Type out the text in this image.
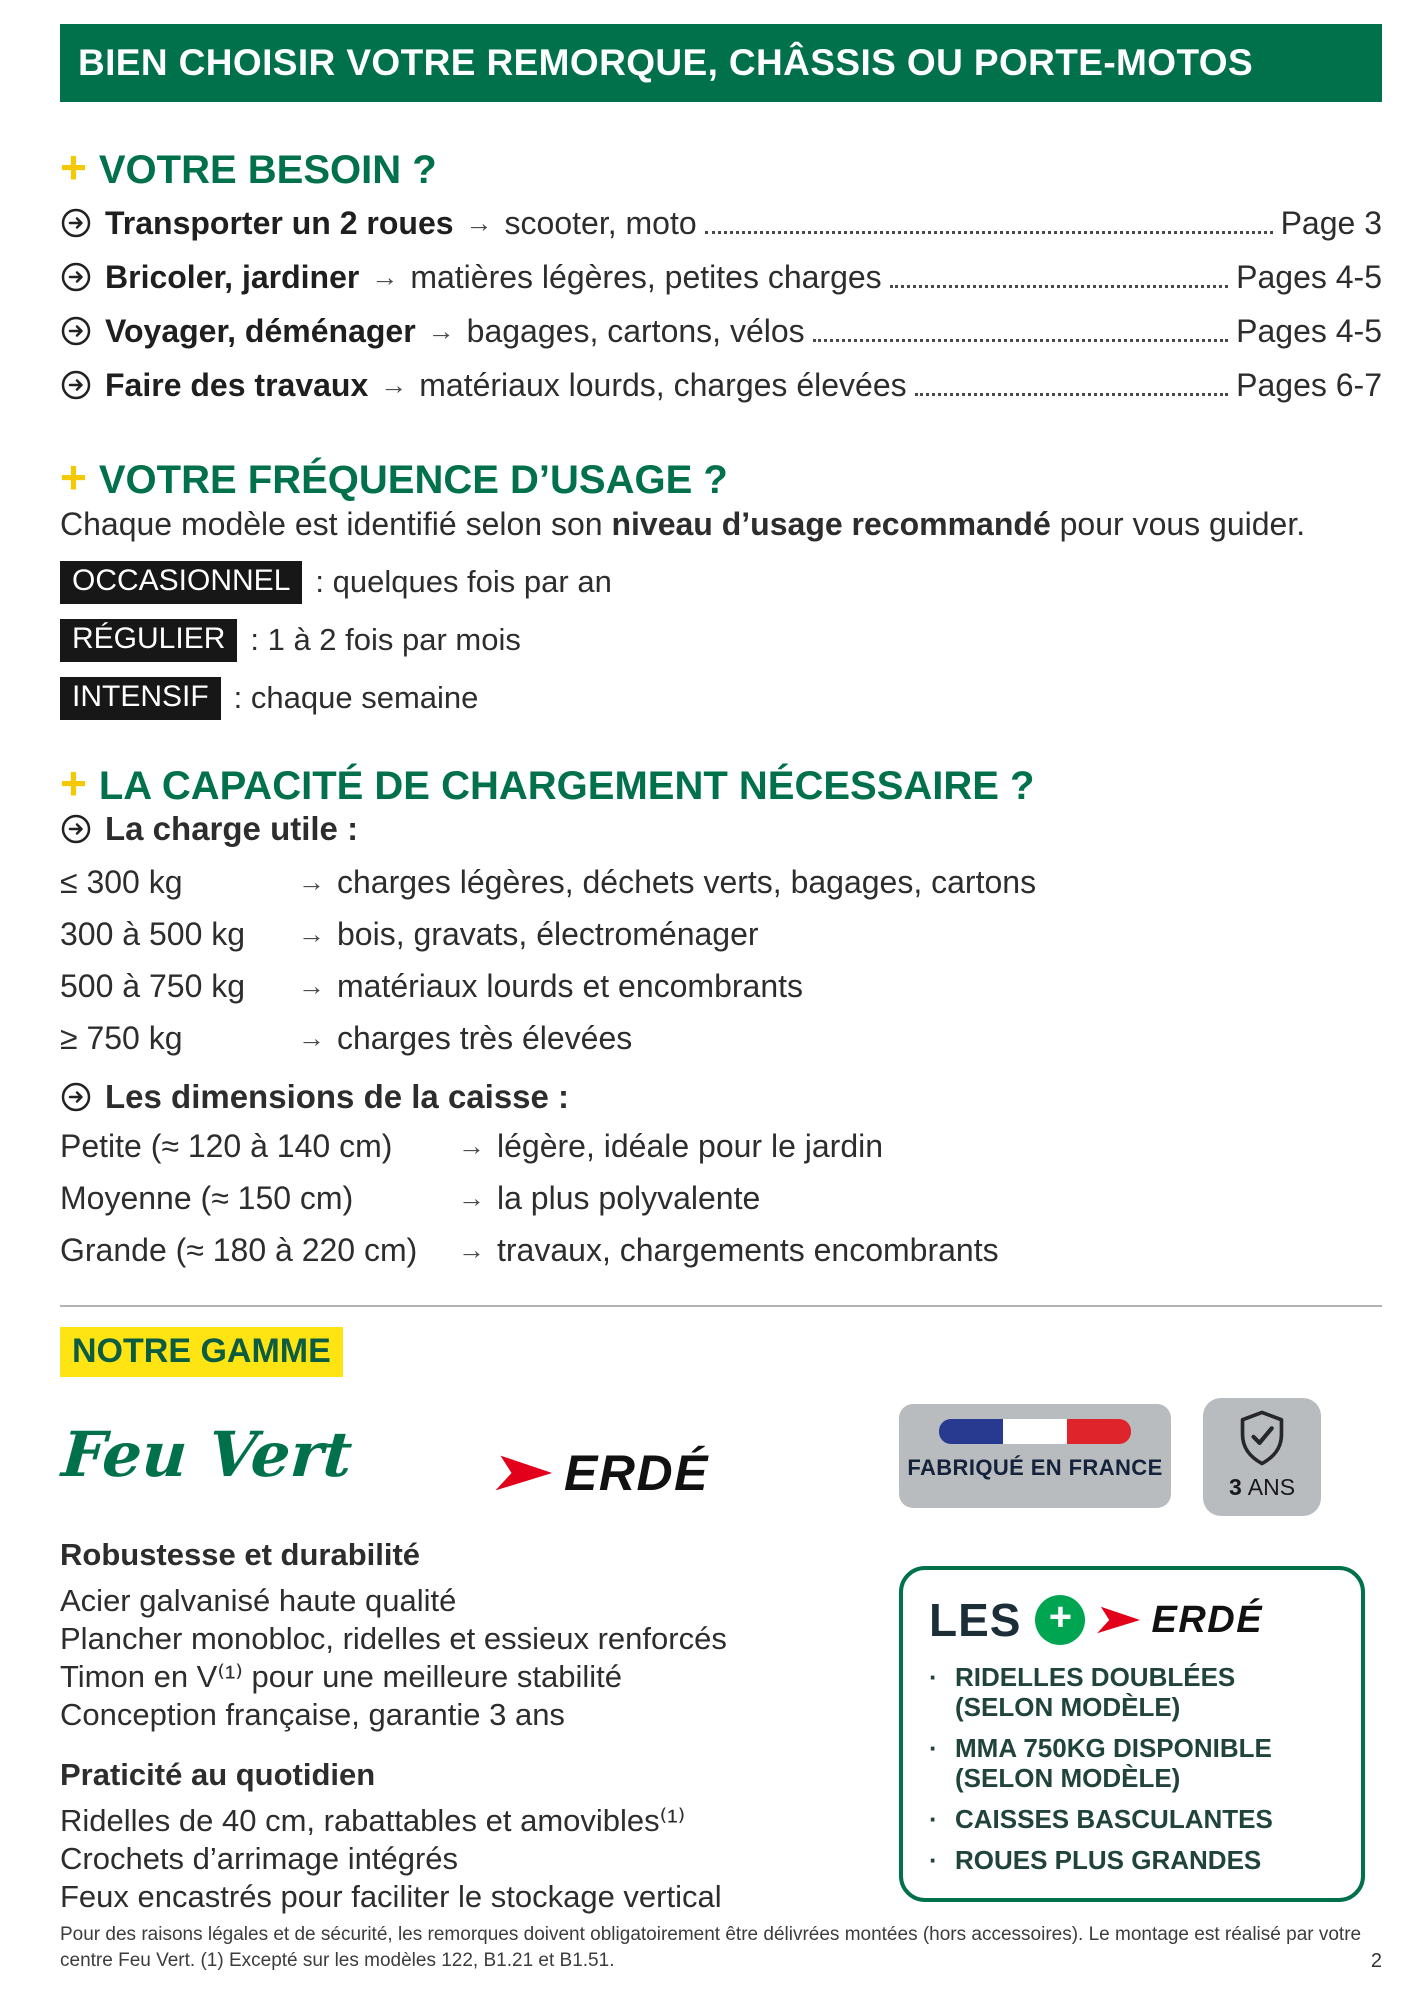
BIEN CHOISIR VOTRE REMORQUE, CHÂSSIS OU PORTE-MOTOS
+ VOTRE BESOIN ?
Transporter un 2 roues → scooter, moto	Page 3
Bricoler, jardiner → matières légères, petites charges	Pages 4-5
Voyager, déménager → bagages, cartons, vélos	Pages 4-5
Faire des travaux → matériaux lourds, charges élevées	Pages 6-7
+ VOTRE FRÉQUENCE D’USAGE ?

Chaque modèle est identifié selon son niveau d’usage recommandé pour vous guider.

OCCASIONNEL : quelques fois par an
RÉGULIER : 1 à 2 fois par mois
INTENSIF : chaque semaine
+ LA CAPACITÉ DE CHARGEMENT NÉCESSAIRE ?
La charge utile :
≤ 300 kg	→ charges légères, déchets verts, bagages, cartons
300 à 500 kg	→ bois, gravats, électroménager
500 à 750 kg	→ matériaux lourds et encombrants
≥ 750 kg	→ charges très élevées
Les dimensions de la caisse :
Petite (≈ 120 à 140 cm)	→ légère, idéale pour le jardin
Moyenne (≈ 150 cm)	→ la plus polyvalente
Grande (≈ 180 à 220 cm)	→ travaux, chargements encombrants
NOTRE GAMME
Feu Vert	ERDÉ	FABRIQUÉ EN FRANCE
3 ANS
Robustesse et durabilité

Acier galvanisé haute qualité

Plancher monobloc, ridelles et essieux renforcés

Timon en V⁽¹⁾ pour une meilleure stabilité

Conception française, garantie 3 ans

Praticité au quotidien

Ridelles de 40 cm, rabattables et amovibles⁽¹⁾

Crochets d’arrimage intégrés

Feux encastrés pour faciliter le stockage vertical

LES + ERDÉ
· RIDELLES DOUBLÉES
(SELON MODÈLE)
· MMA 750KG DISPONIBLE
(SELON MODÈLE)
· CAISSES BASCULANTES
· ROUES PLUS GRANDES
Pour des raisons légales et de sécurité, les remorques doivent obligatoirement être délivrées montées (hors accessoires). Le montage est réalisé par votre
centre Feu Vert. (1) Excepté sur les modèles 122, B1.21 et B1.51.	2
